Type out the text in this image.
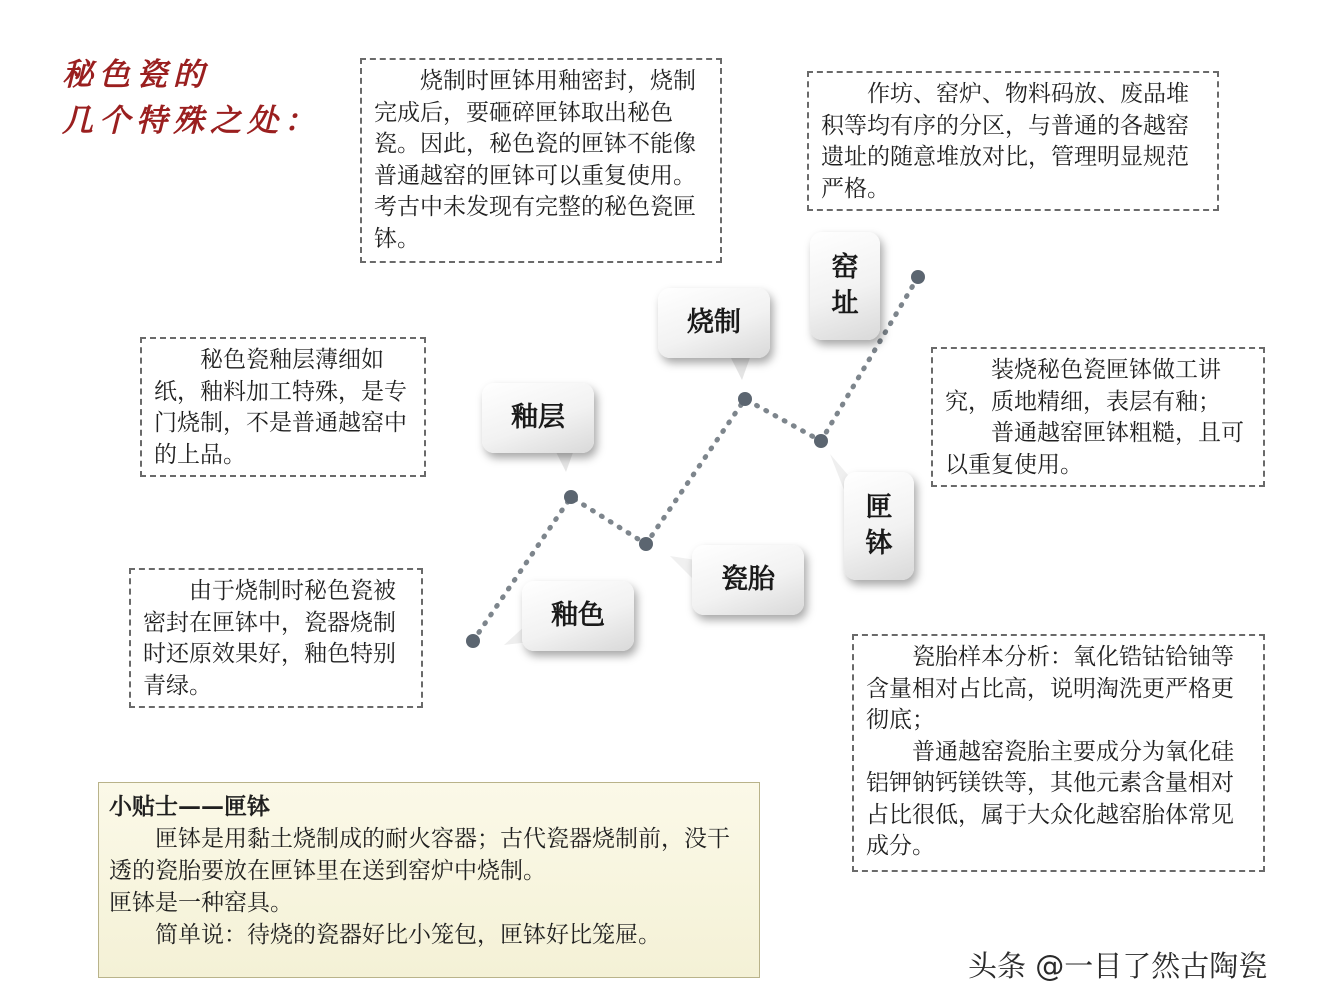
秘色瓷的
几个特殊之处：
釉色
釉层
瓷胎
烧制
匣
钵
窑
址

烧制时匣钵用釉密封，烧制完成后，要砸碎匣钵取出秘色瓷。因此，秘色瓷的匣钵不能像普通越窑的匣钵可以重复使用。考古中未发现有完整的秘色瓷匣钵。

作坊、窑炉、物料码放、废品堆积等均有序的分区，与普通的各越窑遗址的随意堆放对比，管理明显规范严格。

秘色瓷釉层薄细如纸，釉料加工特殊，是专门烧制，不是普通越窑中的上品。

装烧秘色瓷匣钵做工讲究，质地精细，表层有釉；

普通越窑匣钵粗糙，且可以重复使用。

由于烧制时秘色瓷被密封在匣钵中，瓷器烧制时还原效果好，釉色特别青绿。

瓷胎样本分析：氧化锆钴铪铀等含量相对占比高，说明淘洗更严格更彻底；

普通越窑瓷胎主要成分为氧化硅铝钾钠钙镁铁等，其他元素含量相对占比很低，属于大众化越窑胎体常见成分。

小贴士——匣钵

匣钵是用黏土烧制成的耐火容器；古代瓷器烧制前，没干透的瓷胎要放在匣钵里在送到窑炉中烧制。

匣钵是一种窑具。

简单说：待烧的瓷器好比小笼包，匣钵好比笼屉。

头条 @一目了然古陶瓷
